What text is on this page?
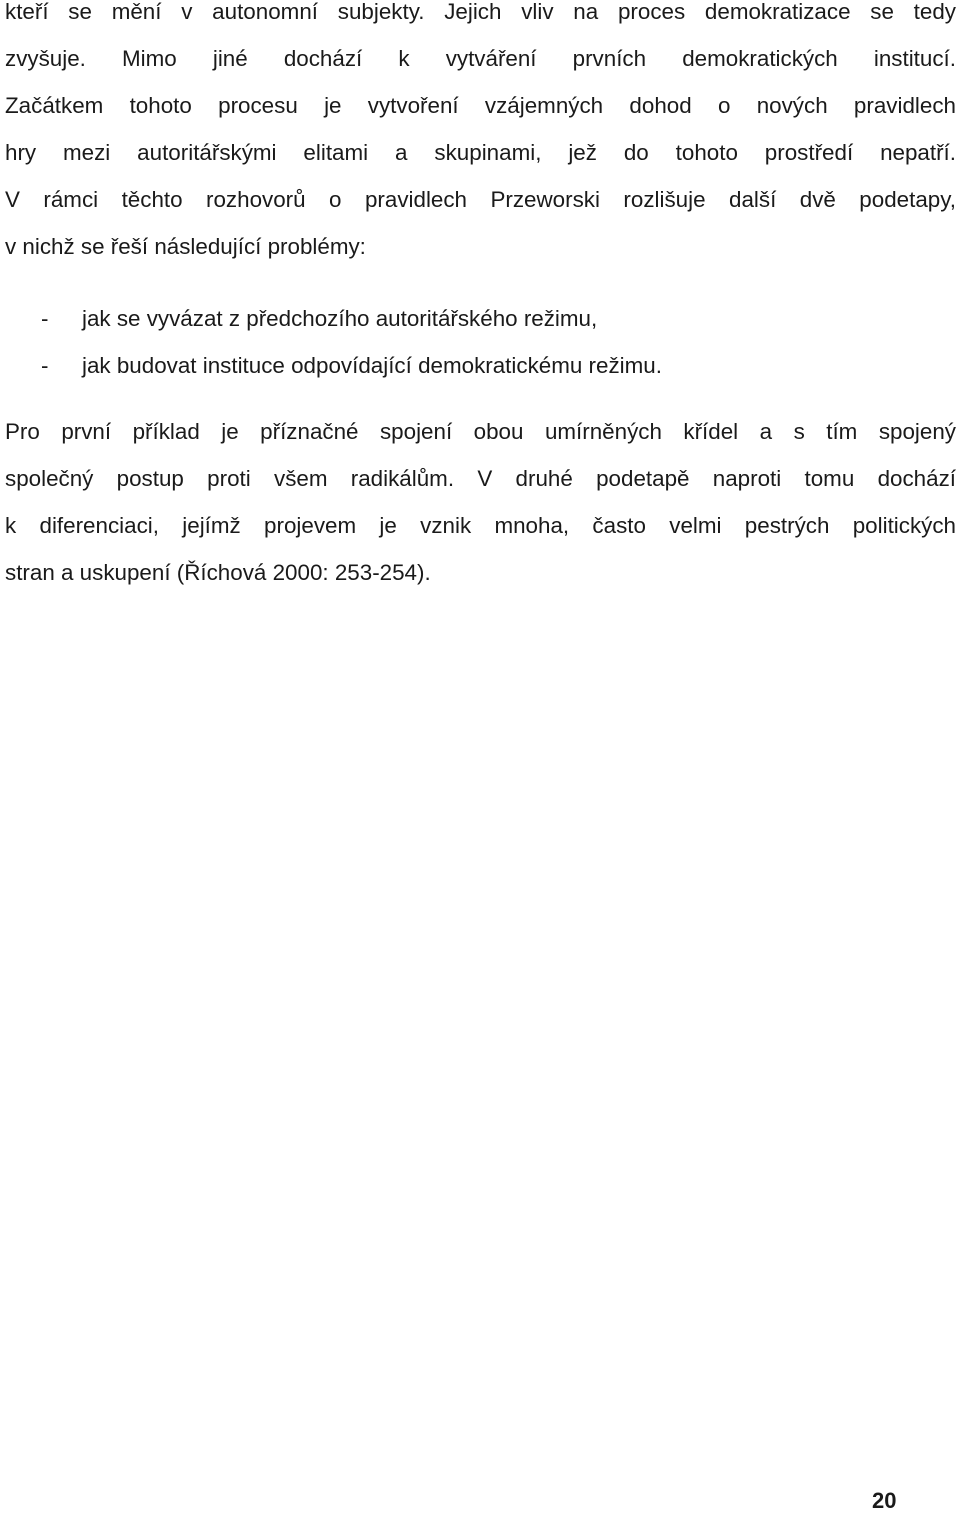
kteří se mění v autonomní subjekty. Jejich vliv na proces demokratizace se tedy
zvyšuje. Mimo jiné dochází k vytváření prvních demokratických institucí.
Začátkem tohoto procesu je vytvoření vzájemných dohod o nových pravidlech
hry mezi autoritářskými elitami a skupinami, jež do tohoto prostředí nepatří.
V rámci těchto rozhovorů o pravidlech Przeworski rozlišuje další dvě podetapy,
v nichž se řeší následující problémy:
- jak se vyvázat z předchozího autoritářského režimu,
- jak budovat instituce odpovídající demokratickému režimu.
Pro první příklad je příznačné spojení obou umírněných křídel a s tím spojený
společný postup proti všem radikálům. V druhé podetapě naproti tomu dochází
k diferenciaci, jejímž projevem je vznik mnoha, často velmi pestrých politických
stran a uskupení (Říchová 2000: 253-254).
20
